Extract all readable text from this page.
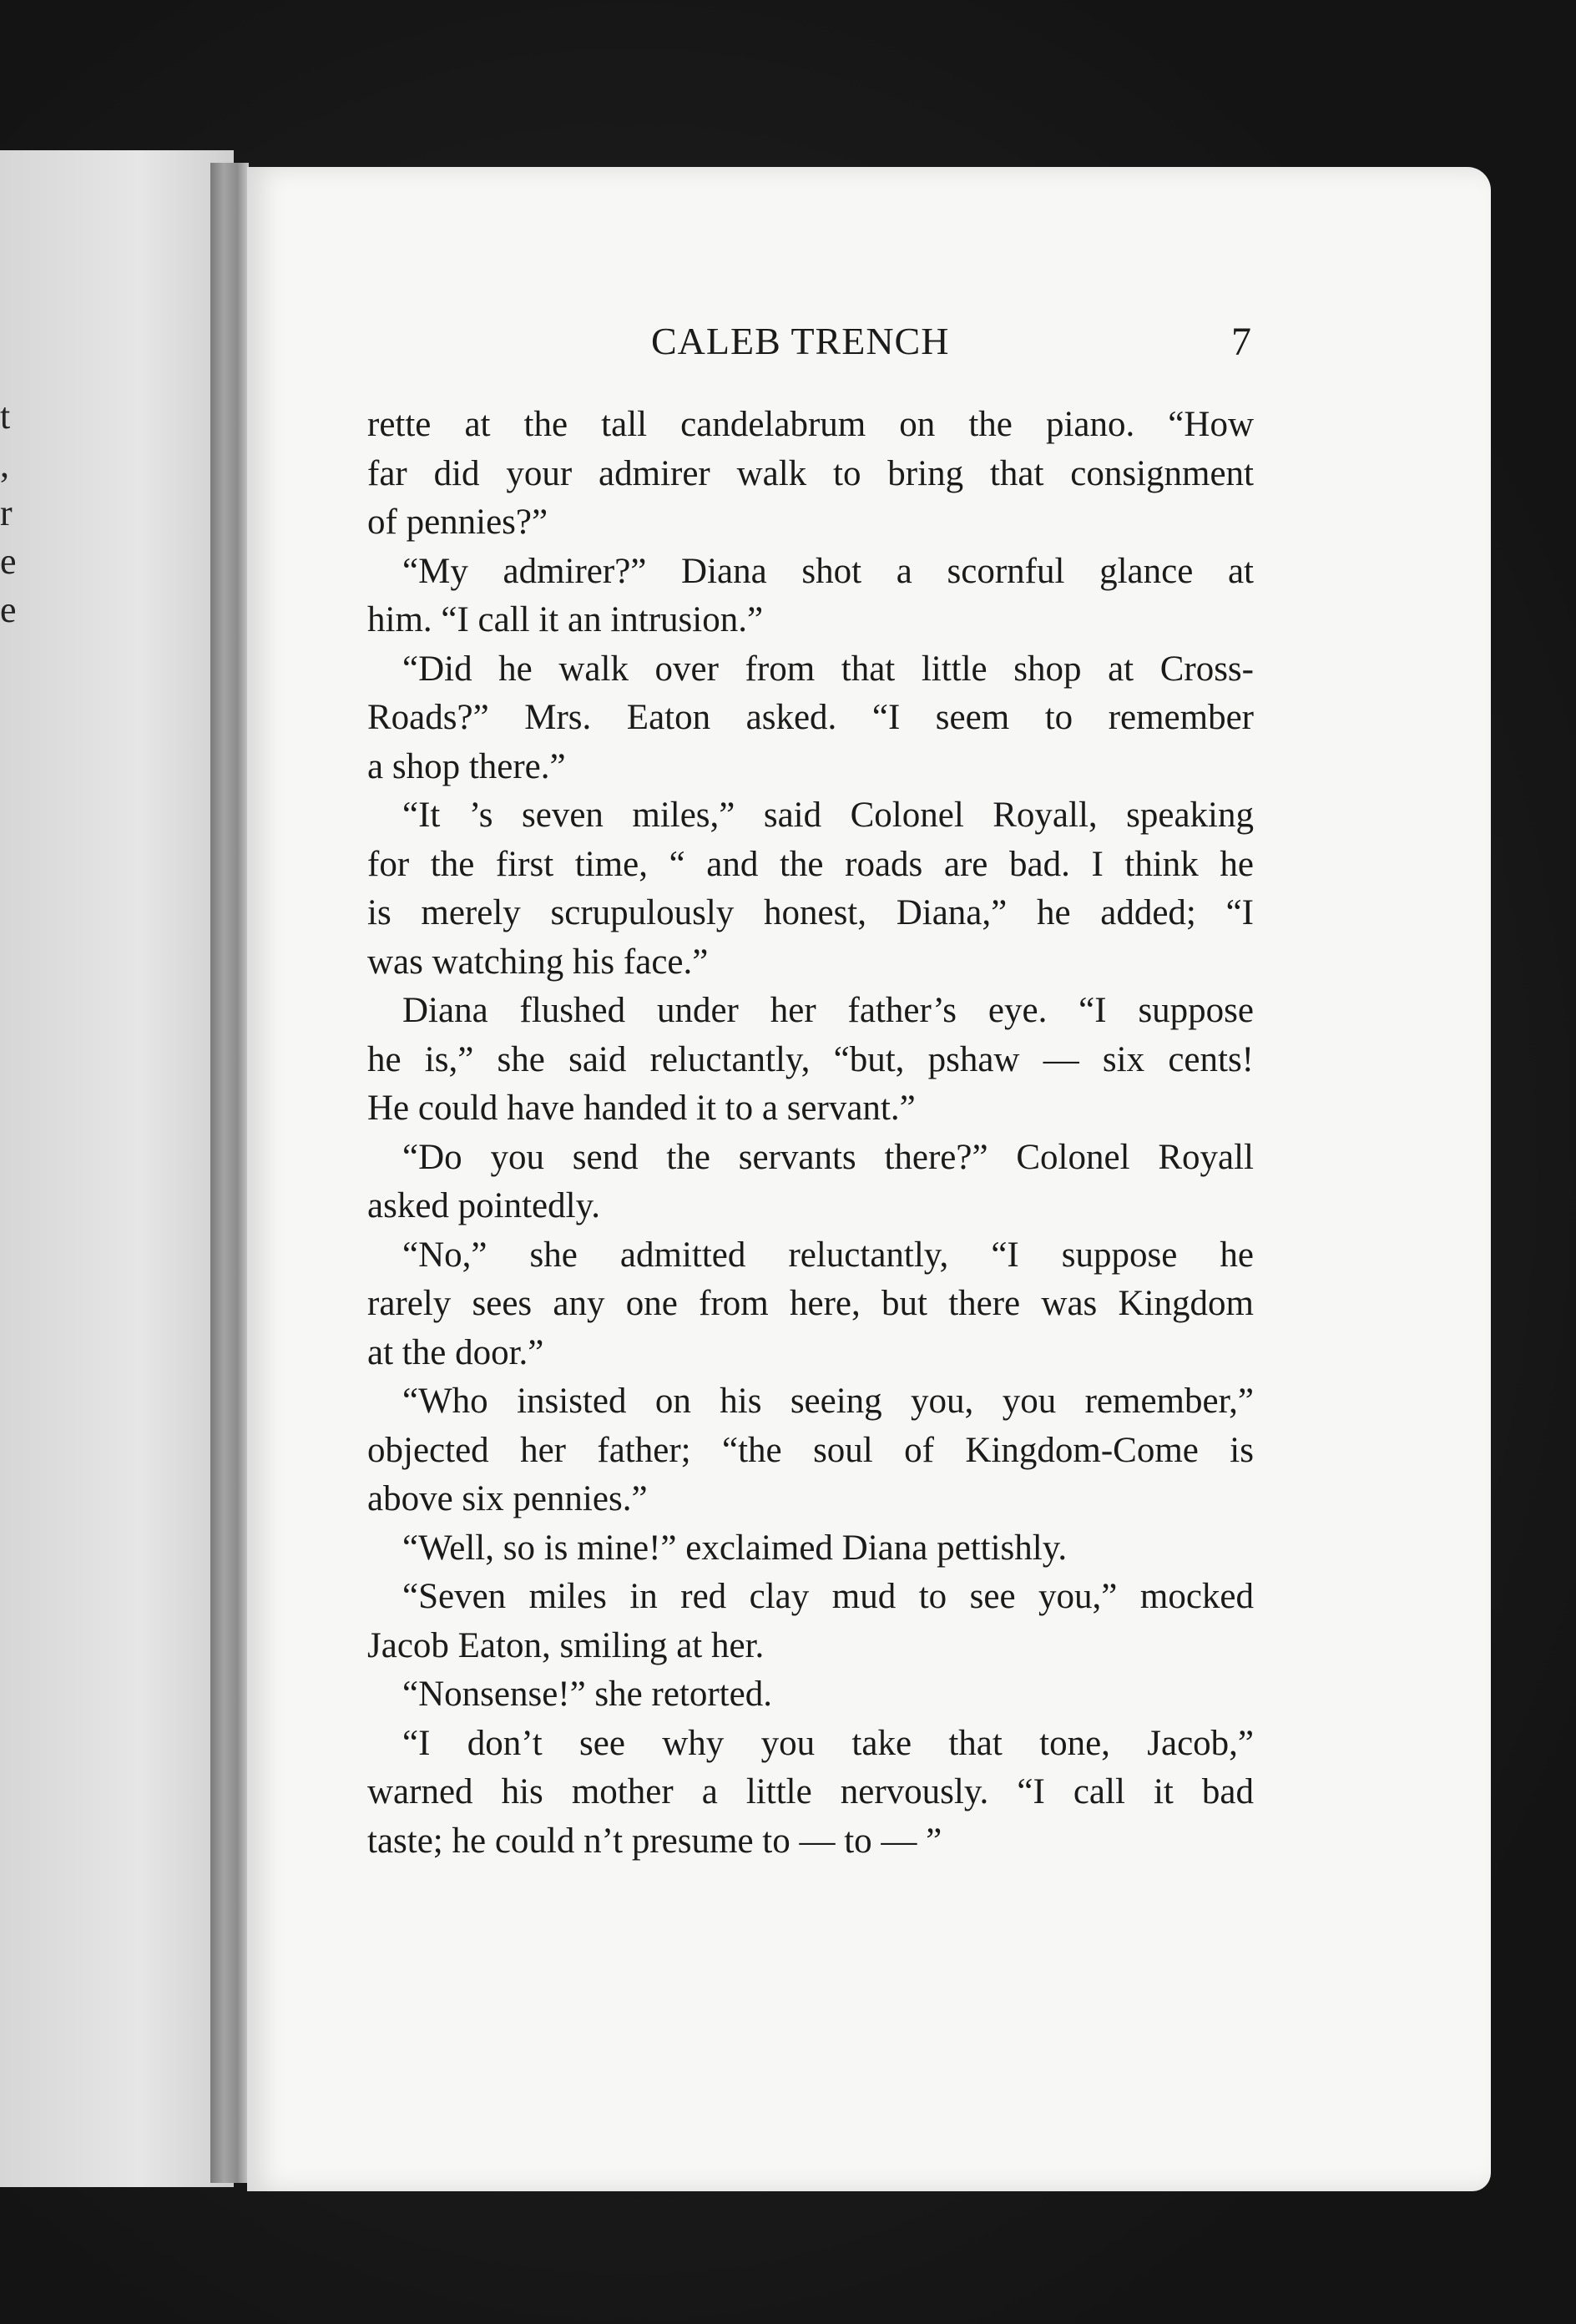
t
,
r
e
e
CALEB TRENCH	7
rette at the tall candelabrum on the piano. “How
far did your admirer walk to bring that consignment
of pennies?”
“My admirer?” Diana shot a scornful glance at
him. “I call it an intrusion.”
“Did he walk over from that little shop at Cross-
Roads?” Mrs. Eaton asked. “I seem to remember
a shop there.”
“It ’s seven miles,” said Colonel Royall, speaking
for the first time, “ and the roads are bad. I think he
is merely scrupulously honest, Diana,” he added; “I
was watching his face.”
Diana flushed under her father’s eye. “I suppose
he is,” she said reluctantly, “but, pshaw — six cents!
He could have handed it to a servant.”
“Do you send the servants there?” Colonel Royall
asked pointedly.
“No,” she admitted reluctantly, “I suppose he
rarely sees any one from here, but there was Kingdom
at the door.”
“Who insisted on his seeing you, you remember,”
objected her father; “the soul of Kingdom-Come is
above six pennies.”
“Well, so is mine!” exclaimed Diana pettishly.
“Seven miles in red clay mud to see you,” mocked
Jacob Eaton, smiling at her.
“Nonsense!” she retorted.
“I don’t see why you take that tone, Jacob,”
warned his mother a little nervously. “I call it bad
taste; he could n’t presume to — to — ”
